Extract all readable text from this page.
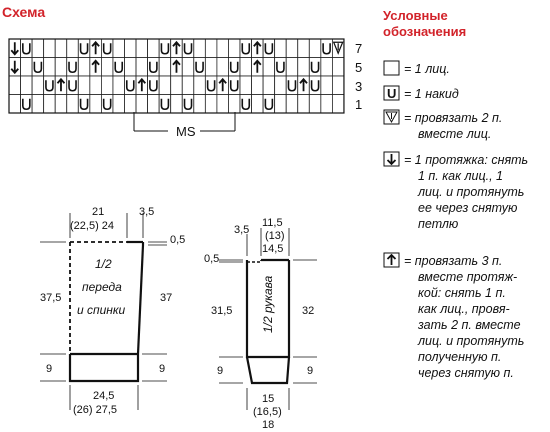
Схема
7
5
3
1
MS
Условные
обозначения
U
= 1 лиц.
= 1 накид
= провязать 2 п.
вместе лиц.
= 1 протяжка: снять
1 п. как лиц., 1
лиц. и протянуть
ее через снятую
петлю
= провязать 3 п.
вместе протяж-
кой: снять 1 п.
как лиц., провя-
зать 2 п. вместе
лиц. и протянуть
полученную п.
через снятую п.
21
(22,5) 24
3,5
0,5
37,5	37
9	9
24,5
(26) 27,5
1/2
переда
и спинки
11,5
(13)
14,5
3,5
0,5
31,5	32
9	9
15
(16,5)
18
1/2 рукава
